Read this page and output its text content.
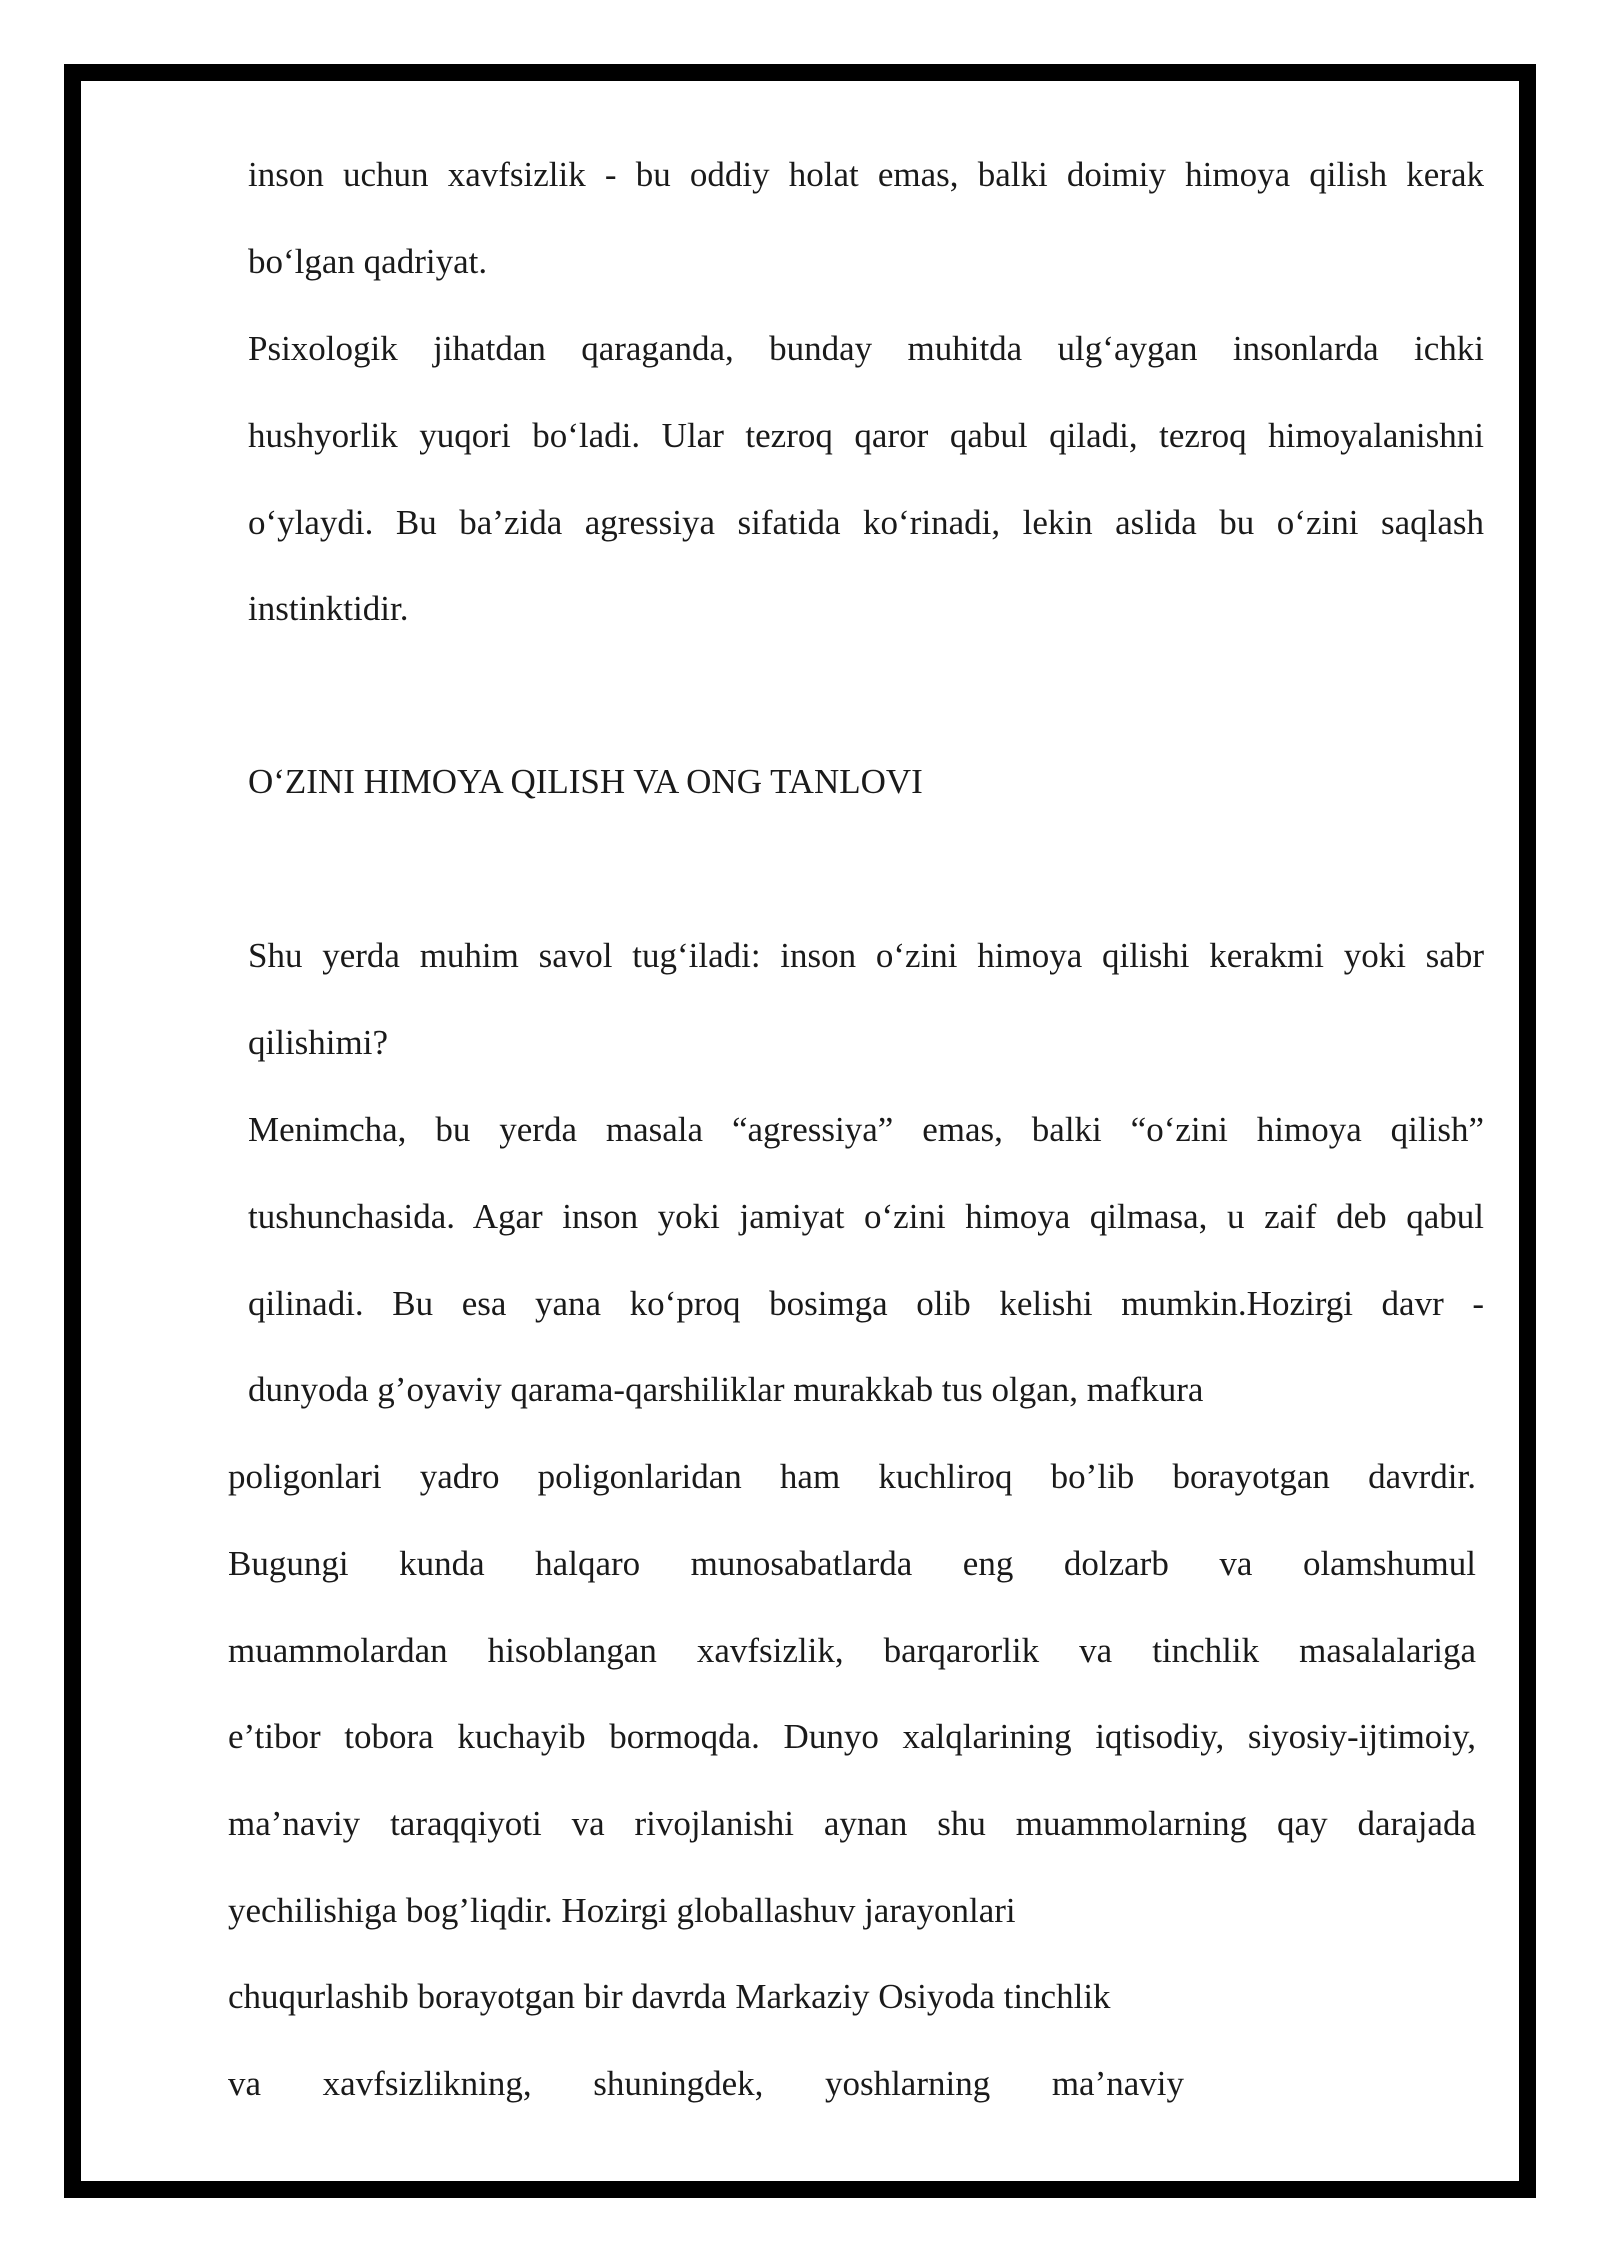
inson uchun xavfsizlik - bu oddiy holat emas, balki doimiy himoya qilish kerak
bo‘lgan qadriyat.
Psixologik jihatdan qaraganda, bunday muhitda ulg‘aygan insonlarda ichki
hushyorlik yuqori bo‘ladi. Ular tezroq qaror qabul qiladi, tezroq himoyalanishni
o‘ylaydi. Bu ba’zida agressiya sifatida ko‘rinadi, lekin aslida bu o‘zini saqlash
instinktidir.
O‘ZINI HIMOYA QILISH VA ONG TANLOVI
Shu yerda muhim savol tug‘iladi: inson o‘zini himoya qilishi kerakmi yoki sabr
qilishimi?
Menimcha, bu yerda masala “agressiya” emas, balki “o‘zini himoya qilish”
tushunchasida. Agar inson yoki jamiyat o‘zini himoya qilmasa, u zaif deb qabul
qilinadi. Bu esa yana ko‘proq bosimga olib kelishi mumkin.Hozirgi davr -
dunyoda g’oyaviy qarama-qarshiliklar murakkab tus olgan, mafkura
poligonlari yadro poligonlaridan ham kuchliroq bo’lib borayotgan davrdir.
Bugungi kunda halqaro munosabatlarda eng dolzarb va olamshumul
muammolardan hisoblangan xavfsizlik, barqarorlik va tinchlik masalalariga
e’tibor tobora kuchayib bormoqda. Dunyo xalqlarining iqtisodiy, siyosiy-ijtimoiy,
ma’naviy taraqqiyoti va rivojlanishi aynan shu muammolarning qay darajada
yechilishiga bog’liqdir. Hozirgi globallashuv jarayonlari
chuqurlashib borayotgan bir davrda Markaziy Osiyoda tinchlik
va xavfsizlikning, shuningdek, yoshlarning ma’naviy
